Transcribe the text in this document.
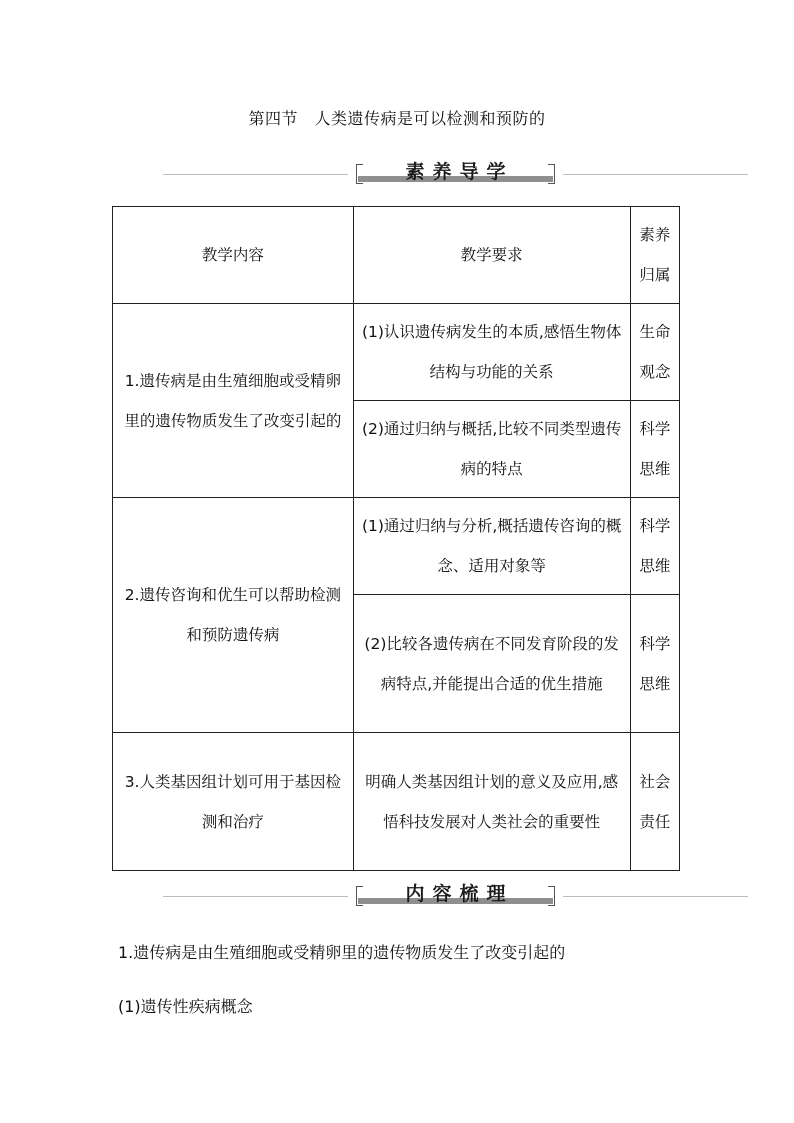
第四节　人类遗传病是可以检测和预防的
素养导学
教学内容	教学要求	素养归属
1.遗传病是由生殖细胞或受精卵里的遗传物质发生了改变引起的	(1)认识遗传病发生的本质,感悟生物体结构与功能的关系	生命观念
	(2)通过归纳与概括,比较不同类型遗传病的特点	科学思维
2.遗传咨询和优生可以帮助检测和预防遗传病	(1)通过归纳与分析,概括遗传咨询的概念、适用对象等	科学思维
	(2)比较各遗传病在不同发育阶段的发病特点,并能提出合适的优生措施	科学思维
3.人类基因组计划可用于基因检测和治疗	明确人类基因组计划的意义及应用,感悟科技发展对人类社会的重要性	社会责任
内容梳理
1.遗传病是由生殖细胞或受精卵里的遗传物质发生了改变引起的
(1)遗传性疾病概念
